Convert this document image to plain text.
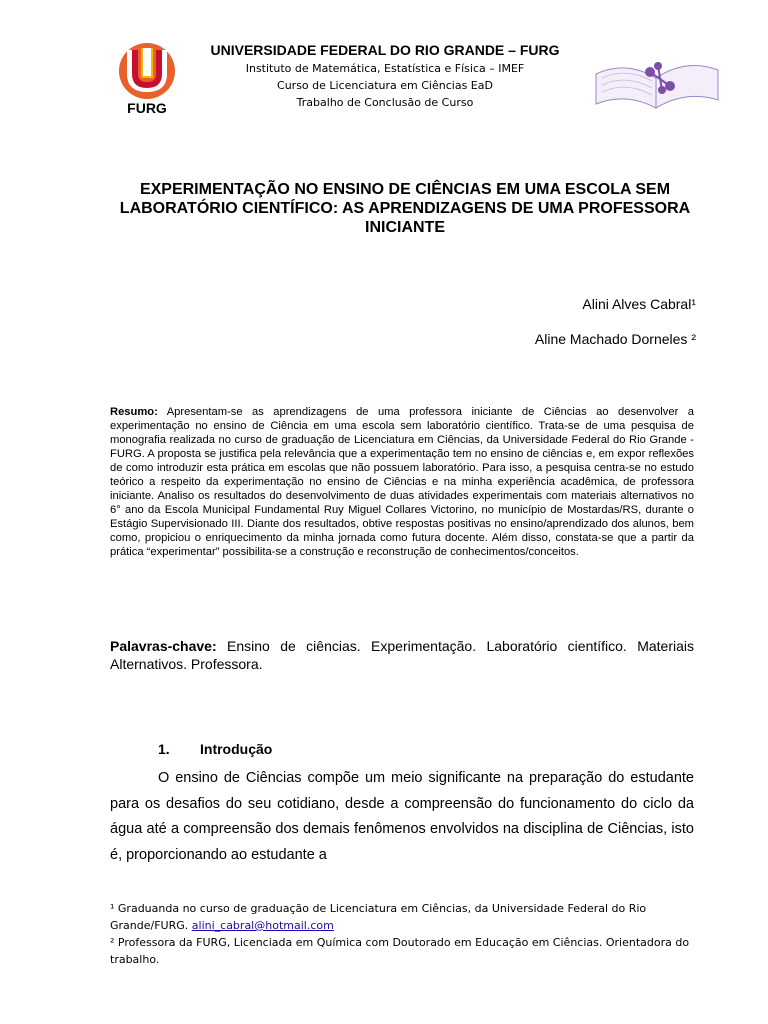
FURG
UNIVERSIDADE FEDERAL DO RIO GRANDE – FURG
Instituto de Matemática, Estatística e Física – IMEF
Curso de Licenciatura em Ciências EaD
Trabalho de Conclusão de Curso
EXPERIMENTAÇÃO NO ENSINO DE CIÊNCIAS EM UMA ESCOLA SEM LABORATÓRIO CIENTÍFICO: AS APRENDIZAGENS DE UMA PROFESSORA INICIANTE
Alini Alves Cabral¹
Aline Machado Dorneles ²
Resumo: Apresentam-se as aprendizagens de uma professora iniciante de Ciências ao desenvolver a experimentação no ensino de Ciência em uma escola sem laboratório científico. Trata-se de uma pesquisa de monografia realizada no curso de graduação de Licenciatura em Ciências, da Universidade Federal do Rio Grande - FURG. A proposta se justifica pela relevância que a experimentação tem no ensino de ciências e, em expor reflexões de como introduzir esta prática em escolas que não possuem laboratório. Para isso, a pesquisa centra-se no estudo teórico a respeito da experimentação no ensino de Ciências e na minha experiência acadêmica, de professora iniciante. Analiso os resultados do desenvolvimento de duas atividades experimentais com materiais alternativos no 6° ano da Escola Municipal Fundamental Ruy Miguel Collares Victorino, no município de Mostardas/RS, durante o Estágio Supervisionado III. Diante dos resultados, obtive respostas positivas no ensino/aprendizado dos alunos, bem como, propiciou o enriquecimento da minha jornada como futura docente. Além disso, constata-se que a partir da prática “experimentar” possibilita-se a construção e reconstrução de conhecimentos/conceitos.
Palavras-chave: Ensino de ciências. Experimentação. Laboratório científico. Materiais Alternativos. Professora.
1. Introdução
O ensino de Ciências compõe um meio significante na preparação do estudante para os desafios do seu cotidiano, desde a compreensão do funcionamento do ciclo da água até a compreensão dos demais fenômenos envolvidos na disciplina de Ciências, isto é, proporcionando ao estudante a
¹ Graduanda no curso de graduação de Licenciatura em Ciências, da Universidade Federal do Rio Grande/FURG. alini_cabral@hotmail.com
² Professora da FURG, Licenciada em Química com Doutorado em Educação em Ciências. Orientadora do trabalho.
